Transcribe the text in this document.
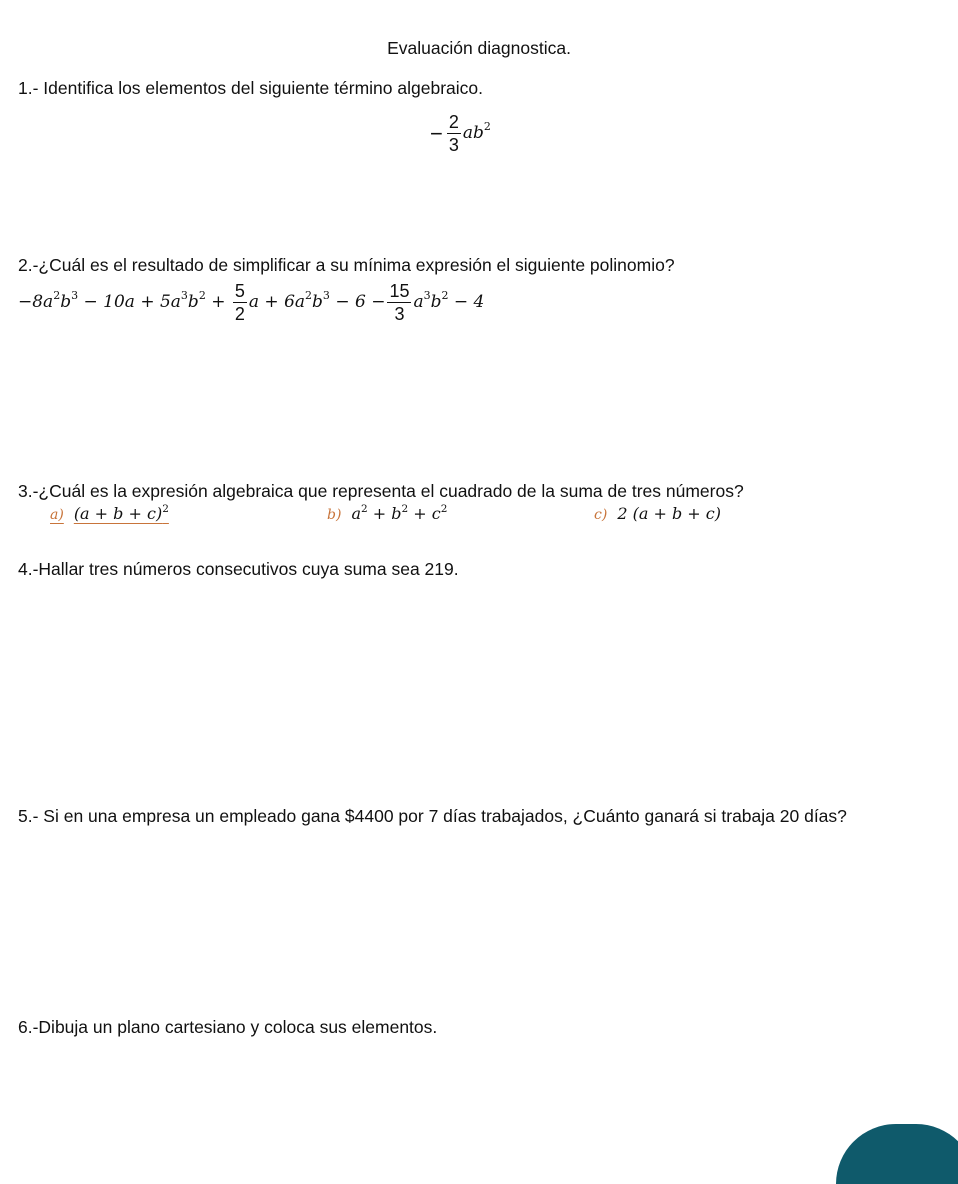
Evaluación diagnostica.
1.- Identifica los elementos del siguiente término algebraico.
− $\frac{2}{3} ab^2$
2.-¿Cuál es el resultado de simplificar a su mínima expresión el siguiente polinomio?
$-8a^2b^3 - 10a + 5a^3b^2 + \frac{5}{2}$ $a + 6a^2b^3 - 6 - \frac{15}{3} a^3b^2 - 4$
3.-¿Cuál es la expresión algebraica que representa el cuadrado de la suma de tres números?
a) $(a + b + c)^2$	b) $a^2 + b^2 + c^2$	c) 2 (a + b + c)
4.-Hallar tres números consecutivos cuya suma sea 219.
5.- Si en una empresa un empleado gana $4400 por 7 días trabajados, ¿Cuánto ganará si trabaja 20 días?
6.-Dibuja un plano cartesiano y coloca sus elementos.
